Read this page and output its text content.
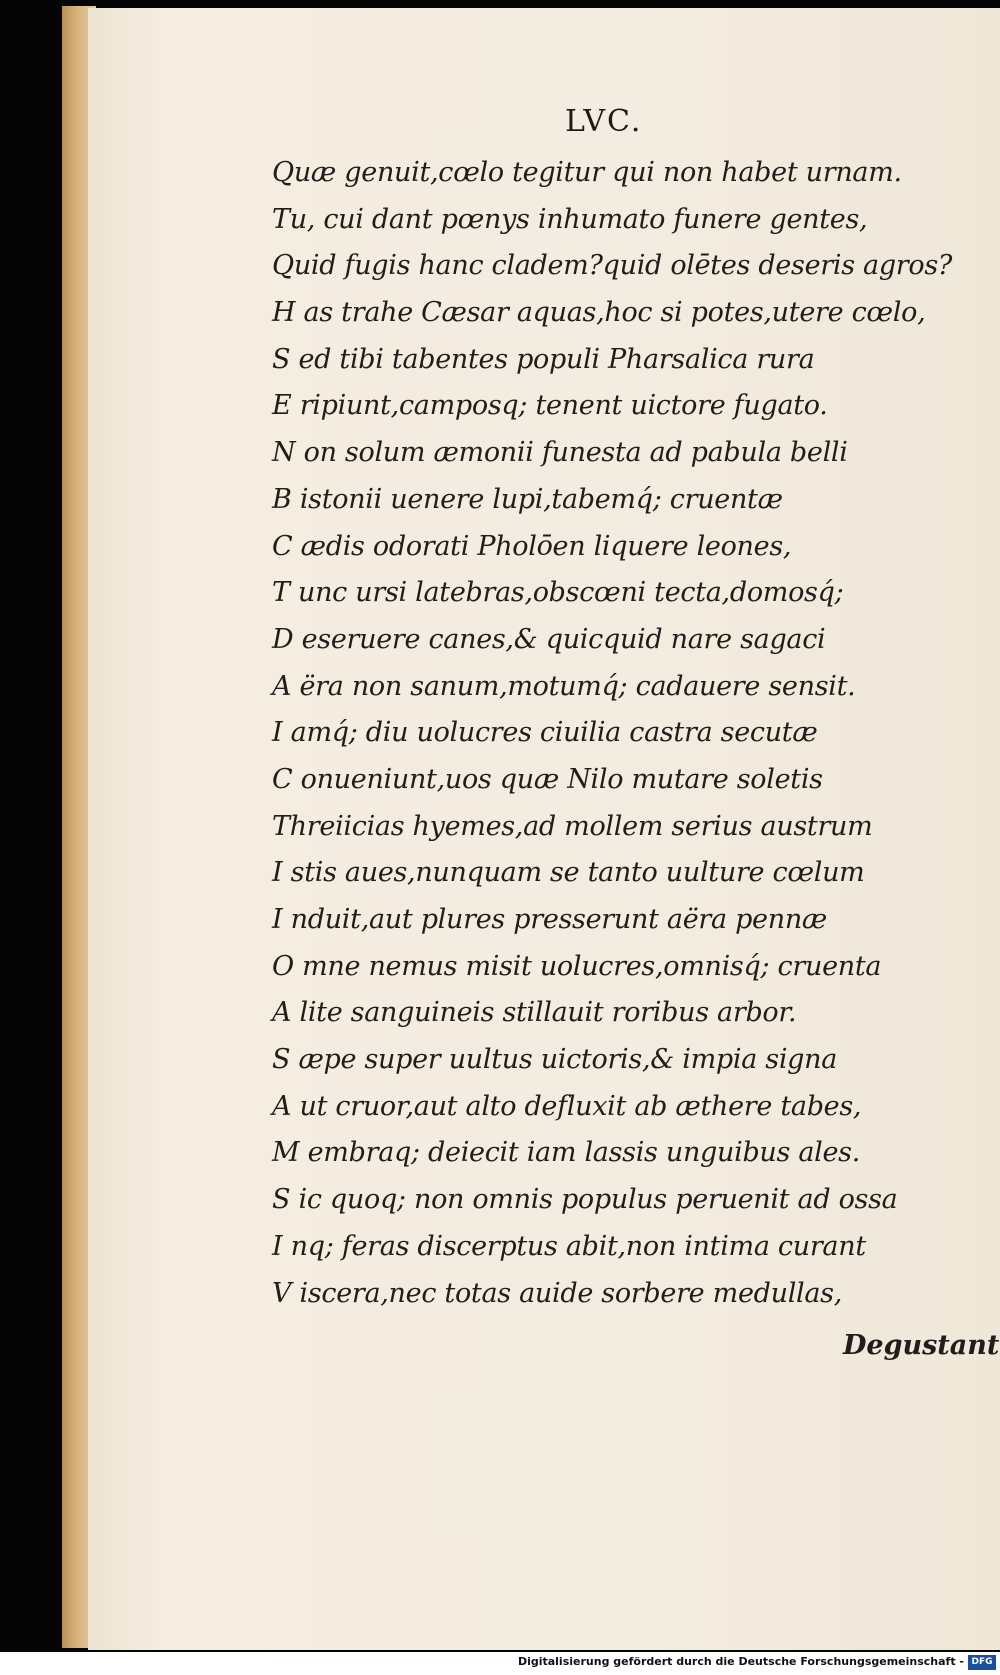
LVC.
Quæ genuit,cœlo tegitur qui non habet urnam.
Tu, cui dant pœnys inhumato funere gentes,
Quid fugis hanc cladem?quid olētes deseris agros?
H as trahe Cæsar aquas,hoc si potes,utere cœlo,
S ed tibi tabentes populi Pharsalica rura
E ripiunt,camposq; tenent uictore fugato.
N on solum æmonii funesta ad pabula belli
B istonii uenere lupi,tabemq́; cruentæ
C ædis odorati Pholōen liquere leones,
T unc ursi latebras,obscœni tecta,domosq́;
D eseruere canes,& quicquid nare sagaci
A ëra non sanum,motumq́; cadauere sensit.
I amq́; diu uolucres ciuilia castra secutæ
C onueniunt,uos quæ Nilo mutare soletis
Threiicias hyemes,ad mollem serius austrum
I stis aues,nunquam se tanto uulture cœlum
I nduit,aut plures presserunt aëra pennæ
O mne nemus misit uolucres,omnisq́; cruenta
A lite sanguineis stillauit roribus arbor.
S æpe super uultus uictoris,& impia signa
A ut cruor,aut alto defluxit ab æthere tabes,
M embraq; deiecit iam lassis unguibus ales.
S ic quoq; non omnis populus peruenit ad ossa
I nq; feras discerptus abit,non intima curant
V iscera,nec totas auide sorbere medullas,
Degustant
Digitalisierung gefördert durch die Deutsche Forschungsgemeinschaft - DFG
